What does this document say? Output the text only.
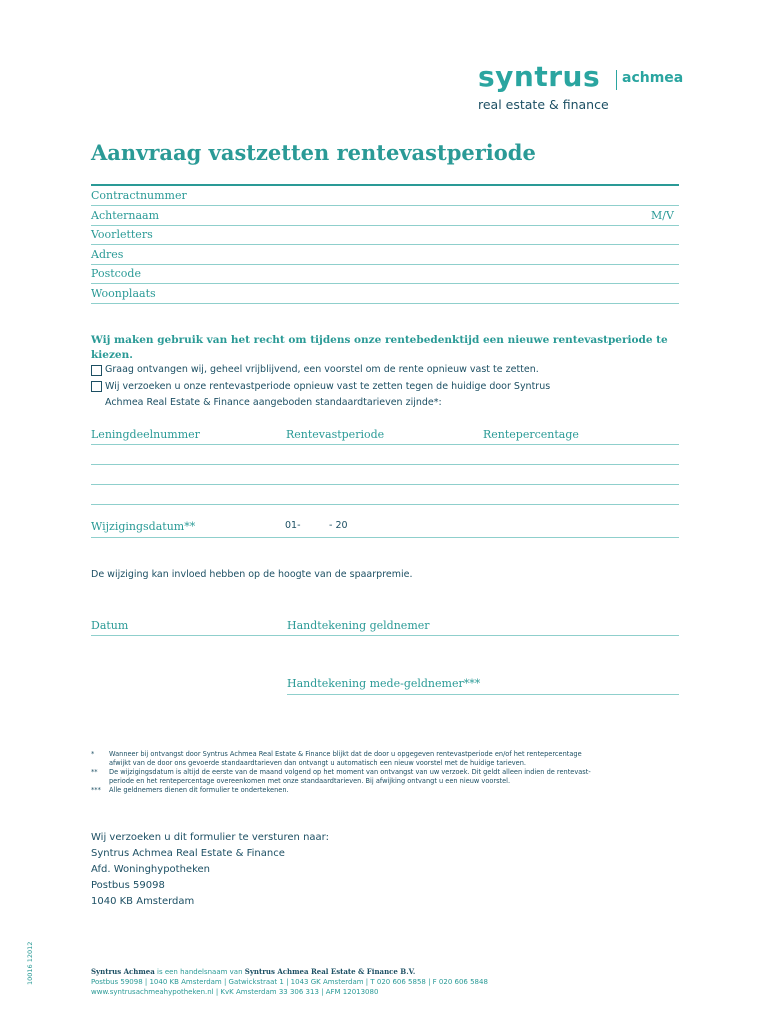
syntrus achmea
real estate & finance
Aanvraag vastzetten rentevastperiode
Contractnummer
Achternaam	M/V
Voorletters
Adres
Postcode
Woonplaats
Wij maken gebruik van het recht om tijdens onze rentebedenktijd een nieuwe rentevastperiode te kiezen.
Graag ontvangen wij, geheel vrijblijvend, een voorstel om de rente opnieuw vast te zetten.
Wij verzoeken u onze rentevastperiode opnieuw vast te zetten tegen de huidige door Syntrus
Achmea Real Estate & Finance aangeboden standaardtarieven zijnde*:
Leningdeelnummer	Rentevastperiode	Rentepercentage
Wijzigingsdatum**	01-	- 20
De wijziging kan invloed hebben op de hoogte van de spaarpremie.
Datum	Handtekening geldnemer
Handtekening mede-geldnemer***
* Wanneer bij ontvangst door Syntrus Achmea Real Estate & Finance blijkt dat de door u opgegeven rentevastperiode en/of het rentepercentage
afwijkt van de door ons gevoerde standaardtarieven dan ontvangt u automatisch een nieuw voorstel met de huidige tarieven.
** De wijzigingsdatum is altijd de eerste van de maand volgend op het moment van ontvangst van uw verzoek. Dit geldt alleen indien de rentevast-
periode en het rentepercentage overeenkomen met onze standaardtarieven. Bij afwijking ontvangt u een nieuw voorstel.
*** Alle geldnemers dienen dit formulier te ondertekenen.
Wij verzoeken u dit formulier te versturen naar:
Syntrus Achmea Real Estate & Finance
Afd. Woninghypotheken
Postbus 59098
1040 KB Amsterdam
10016 12012	Syntrus Achmea is een handelsnaam van Syntrus Achmea Real Estate & Finance B.V.
Postbus 59098 | 1040 KB Amsterdam | Gatwickstraat 1 | 1043 GK Amsterdam | T 020 606 5858 | F 020 606 5848
www.syntrusachmeahypotheken.nl | KvK Amsterdam 33 306 313 | AFM 12013080
